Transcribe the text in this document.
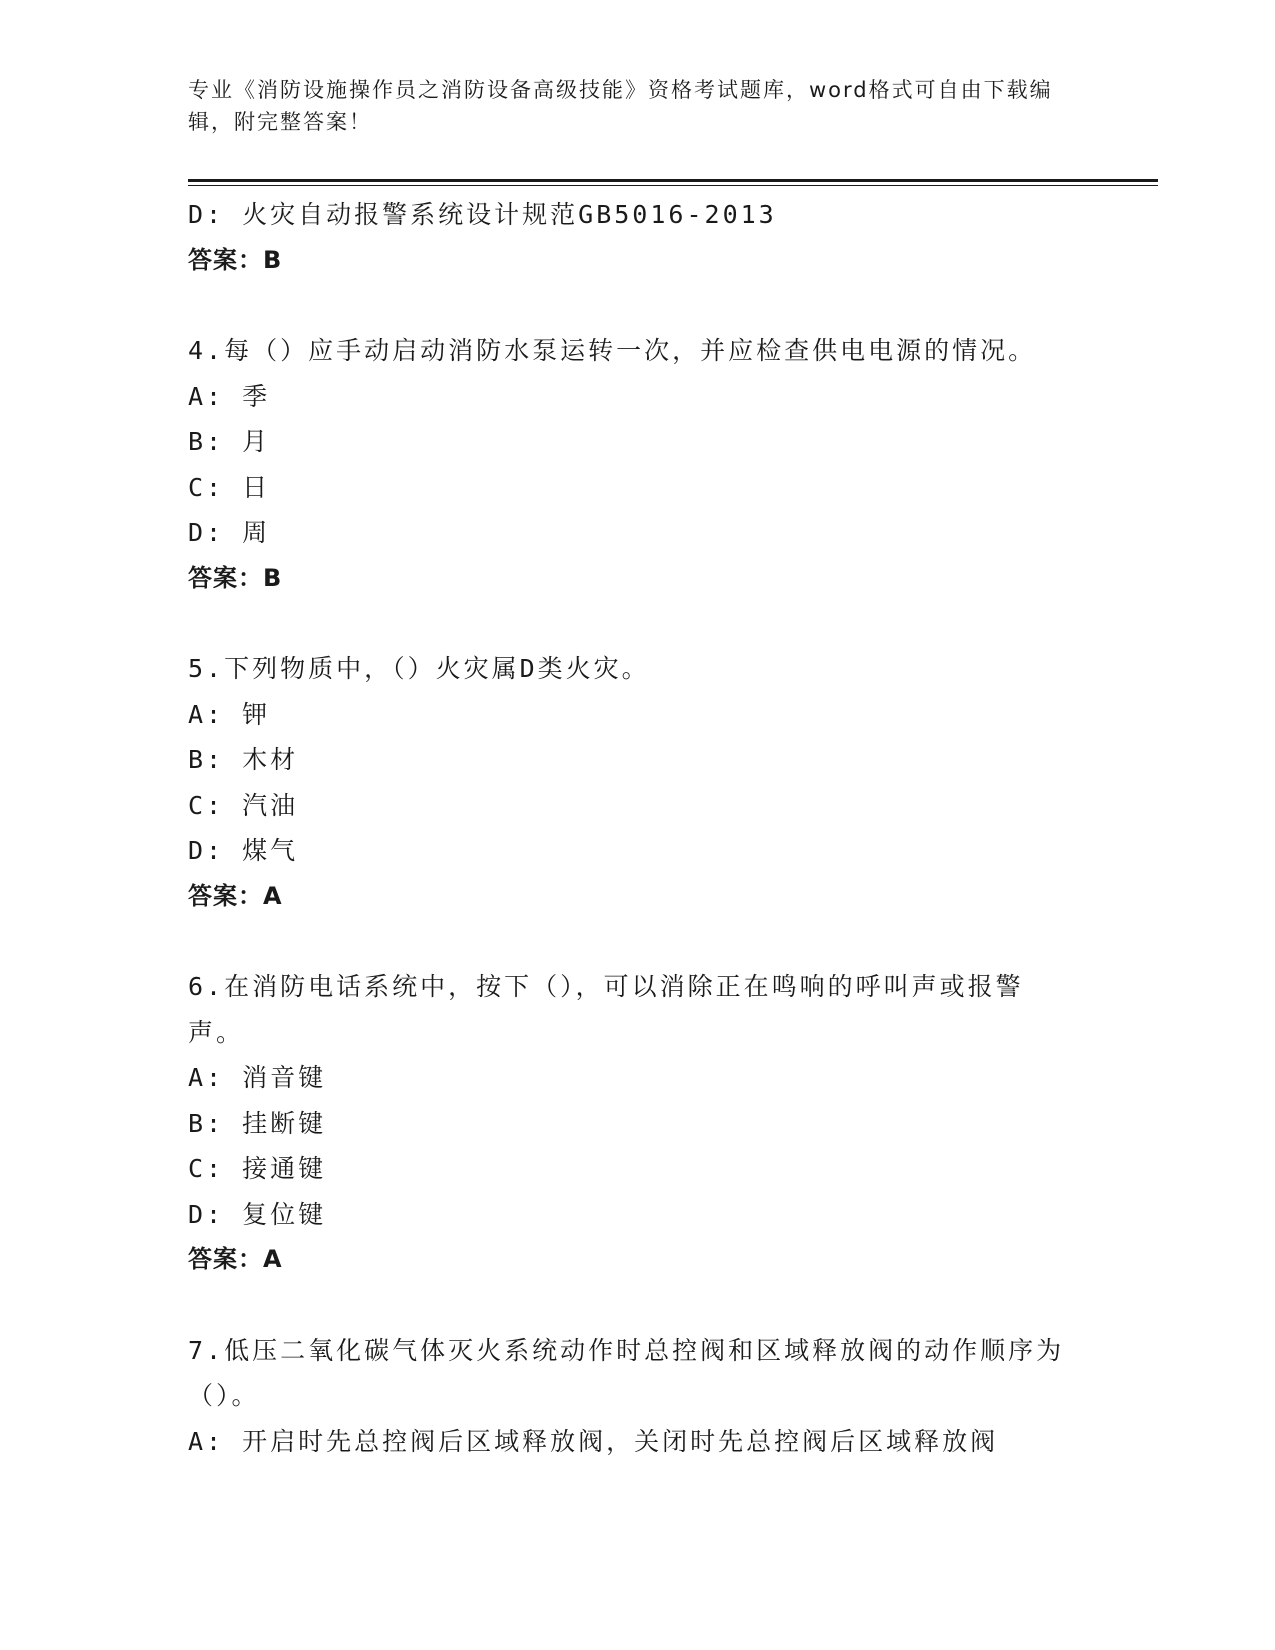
专业《消防设施操作员之消防设备高级技能》资格考试题库，word格式可自由下载编辑，附完整答案！
D: 火灾自动报警系统设计规范GB5016-2013
答案：B
4.每（）应手动启动消防水泵运转一次，并应检查供电电源的情况。
A: 季
B: 月
C: 日
D: 周
答案：B
5.下列物质中，（）火灾属D类火灾。
A: 钾
B: 木材
C: 汽油
D: 煤气
答案：A
6.在消防电话系统中，按下（），可以消除正在鸣响的呼叫声或报警声。
A: 消音键
B: 挂断键
C: 接通键
D: 复位键
答案：A
7.低压二氧化碳气体灭火系统动作时总控阀和区域释放阀的动作顺序为（）。
A: 开启时先总控阀后区域释放阀，关闭时先总控阀后区域释放阀
